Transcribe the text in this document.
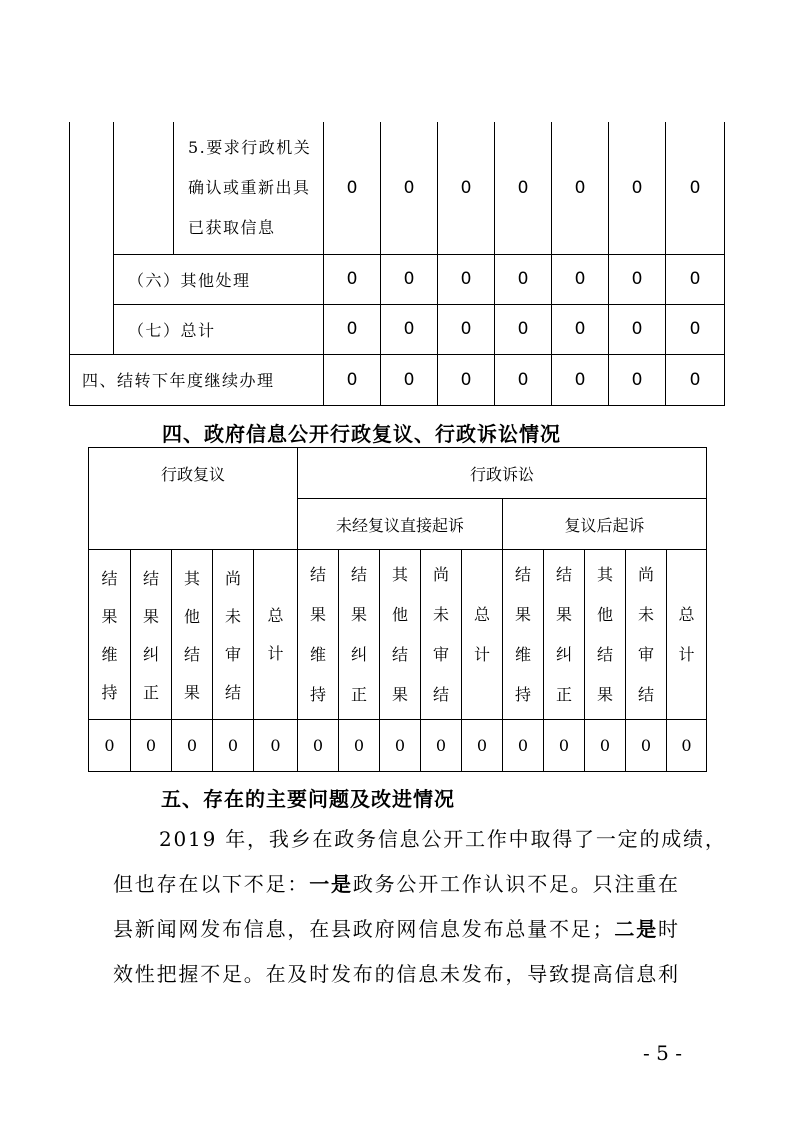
		5.要求行政机关
确认或重新出具
已获取信息	0	0	0	0	0	0	0
	（六）其他处理		0	0	0	0	0	0	0
	（七）总计		0	0	0	0	0	0	0
四、结转下年度继续办理			0	0	0	0	0	0	0
四、政府信息公开行政复议、行政诉讼情况
行政复议					行政诉讼									
					未经复议直接起诉					复议后起诉				

结
果
维
持	结
果
纠
正	其
他
结
果	尚
未
审
结	总
计	结
果
维
持	结
果
纠
正	其
他
结
果	尚
未
审
结	总
计	结
果
维
持	结
果
纠
正	其
他
结
果	尚
未
审
结	总
计

0	0	0	0	0	0	0	0	0	0	0	0	0	0	0
五、存在的主要问题及改进情况
2019 年，我乡在政务信息公开工作中取得了一定的成绩，
但也存在以下不足：一是政务公开工作认识不足。只注重在
县新闻网发布信息，在县政府网信息发布总量不足；二是时
效性把握不足。在及时发布的信息未发布，导致提高信息利
- 5 -
